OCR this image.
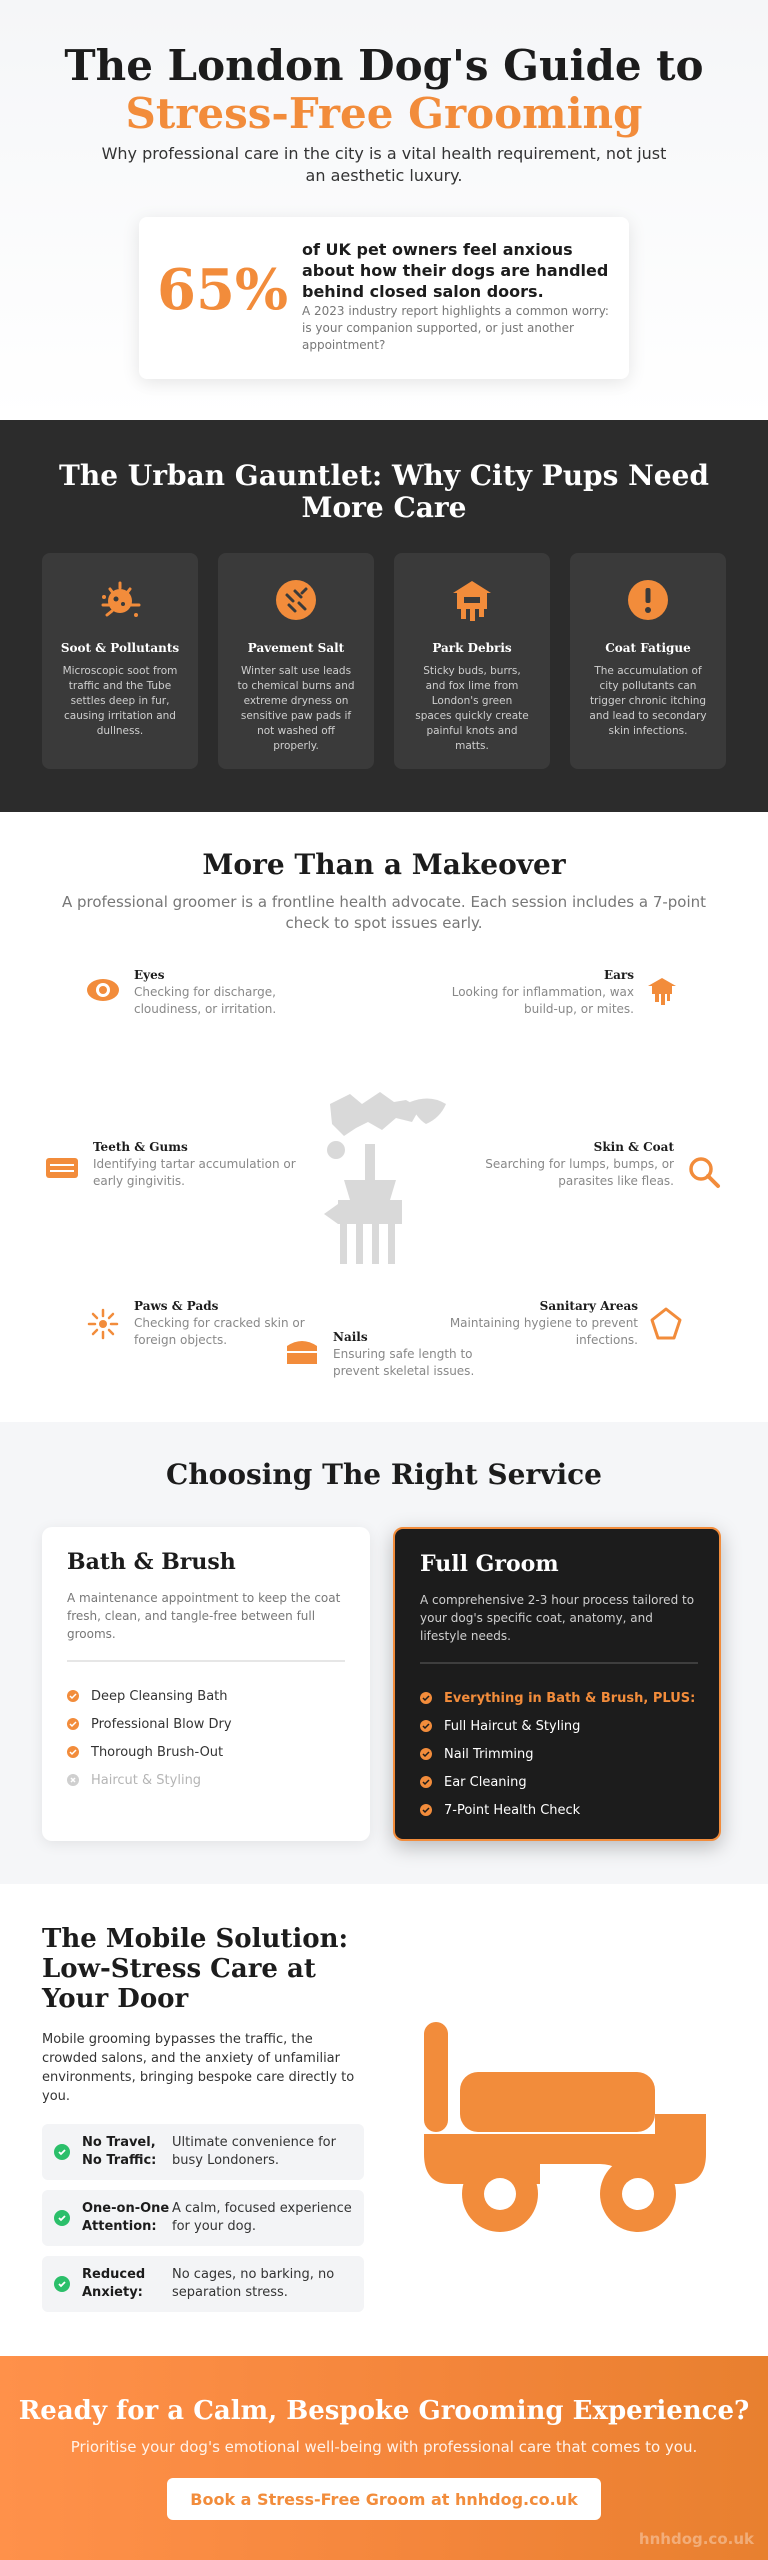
The London Dog's Guide to
Stress-Free Grooming

Why professional care in the city is a vital health requirement, not just an aesthetic luxury.

65%
of UK pet owners feel anxious about how their dogs are handled behind closed salon doors.
A 2023 industry report highlights a common worry: is your companion supported, or just another appointment?
The Urban Gauntlet: Why City Pups Need More Care
Soot & Pollutants
Microscopic soot from traffic and the Tube settles deep in fur, causing irritation and dullness.
Pavement Salt
Winter salt use leads to chemical burns and extreme dryness on sensitive paw pads if not washed off properly.
Park Debris
Sticky buds, burrs, and fox lime from London's green spaces quickly create painful knots and matts.
Coat Fatigue
The accumulation of city pollutants can trigger chronic itching and lead to secondary skin infections.
More Than a Makeover

A professional groomer is a frontline health advocate. Each session includes a 7-point check to spot issues early.

Eyes
Checking for discharge, cloudiness, or irritation.
Ears
Looking for inflammation, wax build-up, or mites.
Teeth & Gums
Identifying tartar accumulation or early gingivitis.
Skin & Coat
Searching for lumps, bumps, or parasites like fleas.
Paws & Pads
Checking for cracked skin or foreign objects.	Nails
Ensuring safe length to prevent skeletal issues.
Sanitary Areas
Maintaining hygiene to prevent infections.
Choosing The Right Service
Bath & Brush
A maintenance appointment to keep the coat fresh, clean, and tangle-free between full grooms.
Deep Cleansing Bath
Professional Blow Dry
Thorough Brush-Out
Haircut & Styling
Full Groom
A comprehensive 2-3 hour process tailored to your dog's specific coat, anatomy, and lifestyle needs.
Everything in Bath & Brush, PLUS:
Full Haircut & Styling
Nail Trimming
Ear Cleaning
7-Point Health Check
The Mobile Solution: Low-Stress Care at Your Door

Mobile grooming bypasses the traffic, the crowded salons, and the anxiety of unfamiliar environments, bringing bespoke care directly to you.

No Travel, No Traffic:
Ultimate convenience for busy Londoners.
One-on-One Attention:
A calm, focused experience for your dog.
Reduced Anxiety:
No cages, no barking, no separation stress.
Ready for a Calm, Bespoke Grooming Experience?

Prioritise your dog's emotional well-being with professional care that comes to you.

Book a Stress-Free Groom at hnhdog.co.uk
hnhdog.co.uk
